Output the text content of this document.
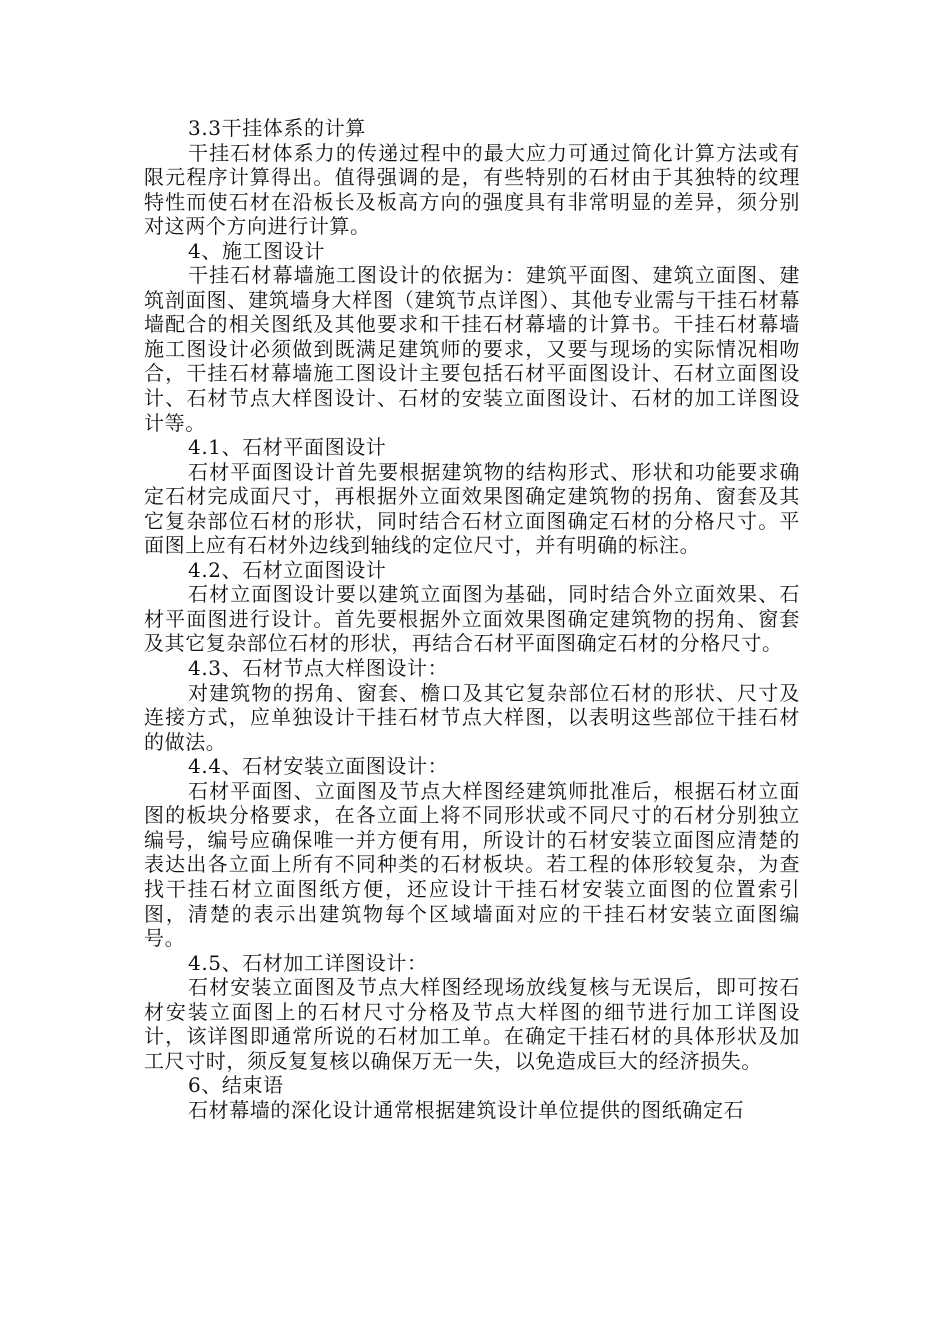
3.3干挂体系的计算

干挂石材体系力的传递过程中的最大应力可通过简化计算方法或有限元程序计算得出。值得强调的是，有些特别的石材由于其独特的纹理特性而使石材在沿板长及板高方向的强度具有非常明显的差异，须分别对这两个方向进行计算。

4、施工图设计

干挂石材幕墙施工图设计的依据为：建筑平面图、建筑立面图、建筑剖面图、建筑墙身大样图（建筑节点详图）、其他专业需与干挂石材幕墙配合的相关图纸及其他要求和干挂石材幕墙的计算书。干挂石材幕墙施工图设计必须做到既满足建筑师的要求，又要与现场的实际情况相吻合，干挂石材幕墙施工图设计主要包括石材平面图设计、石材立面图设计、石材节点大样图设计、石材的安装立面图设计、石材的加工详图设计等。

4.1、石材平面图设计

石材平面图设计首先要根据建筑物的结构形式、形状和功能要求确定石材完成面尺寸，再根据外立面效果图确定建筑物的拐角、窗套及其它复杂部位石材的形状，同时结合石材立面图确定石材的分格尺寸。平面图上应有石材外边线到轴线的定位尺寸，并有明确的标注。

4.2、石材立面图设计

石材立面图设计要以建筑立面图为基础，同时结合外立面效果、石材平面图进行设计。首先要根据外立面效果图确定建筑物的拐角、窗套及其它复杂部位石材的形状，再结合石材平面图确定石材的分格尺寸。

4.3、石材节点大样图设计：

对建筑物的拐角、窗套、檐口及其它复杂部位石材的形状、尺寸及连接方式，应单独设计干挂石材节点大样图，以表明这些部位干挂石材的做法。

4.4、石材安装立面图设计：

石材平面图、立面图及节点大样图经建筑师批准后，根据石材立面图的板块分格要求，在各立面上将不同形状或不同尺寸的石材分别独立编号，编号应确保唯一并方便有用，所设计的石材安装立面图应清楚的表达出各立面上所有不同种类的石材板块。若工程的体形较复杂，为查找干挂石材立面图纸方便，还应设计干挂石材安装立面图的位置索引图，清楚的表示出建筑物每个区域墙面对应的干挂石材安装立面图编号。

4.5、石材加工详图设计：

石材安装立面图及节点大样图经现场放线复核与无误后，即可按石材安装立面图上的石材尺寸分格及节点大样图的细节进行加工详图设计，该详图即通常所说的石材加工单。在确定干挂石材的具体形状及加工尺寸时，须反复复核以确保万无一失，以免造成巨大的经济损失。

6、结束语

石材幕墙的深化设计通常根据建筑设计单位提供的图纸确定石
